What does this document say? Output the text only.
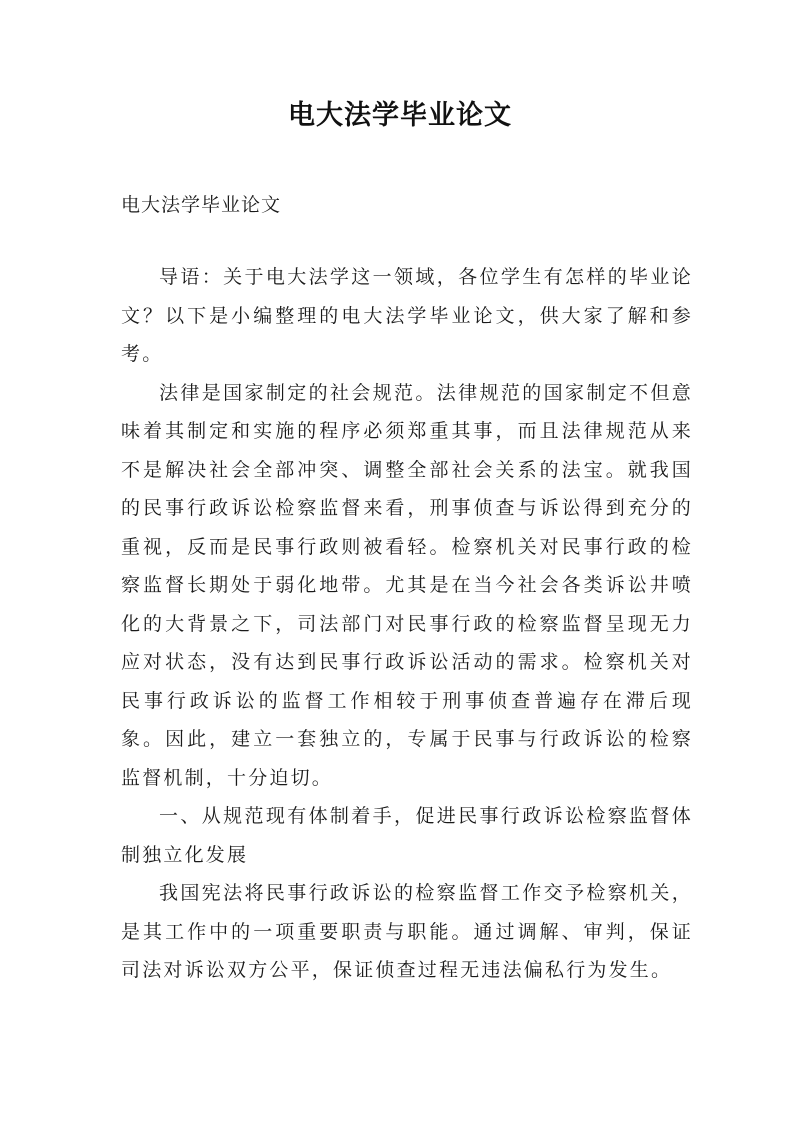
电大法学毕业论文
电大法学毕业论文

导语：关于电大法学这一领域，各位学生有怎样的毕业论文？以下是小编整理的电大法学毕业论文，供大家了解和参考。

法律是国家制定的社会规范。法律规范的国家制定不但意味着其制定和实施的程序必须郑重其事，而且法律规范从来不是解决社会全部冲突、调整全部社会关系的法宝。就我国的民事行政诉讼检察监督来看，刑事侦查与诉讼得到充分的重视，反而是民事行政则被看轻。检察机关对民事行政的检察监督长期处于弱化地带。尤其是在当今社会各类诉讼井喷化的大背景之下，司法部门对民事行政的检察监督呈现无力应对状态，没有达到民事行政诉讼活动的需求。检察机关对民事行政诉讼的监督工作相较于刑事侦查普遍存在滞后现象。因此，建立一套独立的，专属于民事与行政诉讼的检察监督机制，十分迫切。

一、从规范现有体制着手，促进民事行政诉讼检察监督体制独立化发展

我国宪法将民事行政诉讼的检察监督工作交予检察机关，是其工作中的一项重要职责与职能。通过调解、审判，保证司法对诉讼双方公平，保证侦查过程无违法偏私行为发生。
